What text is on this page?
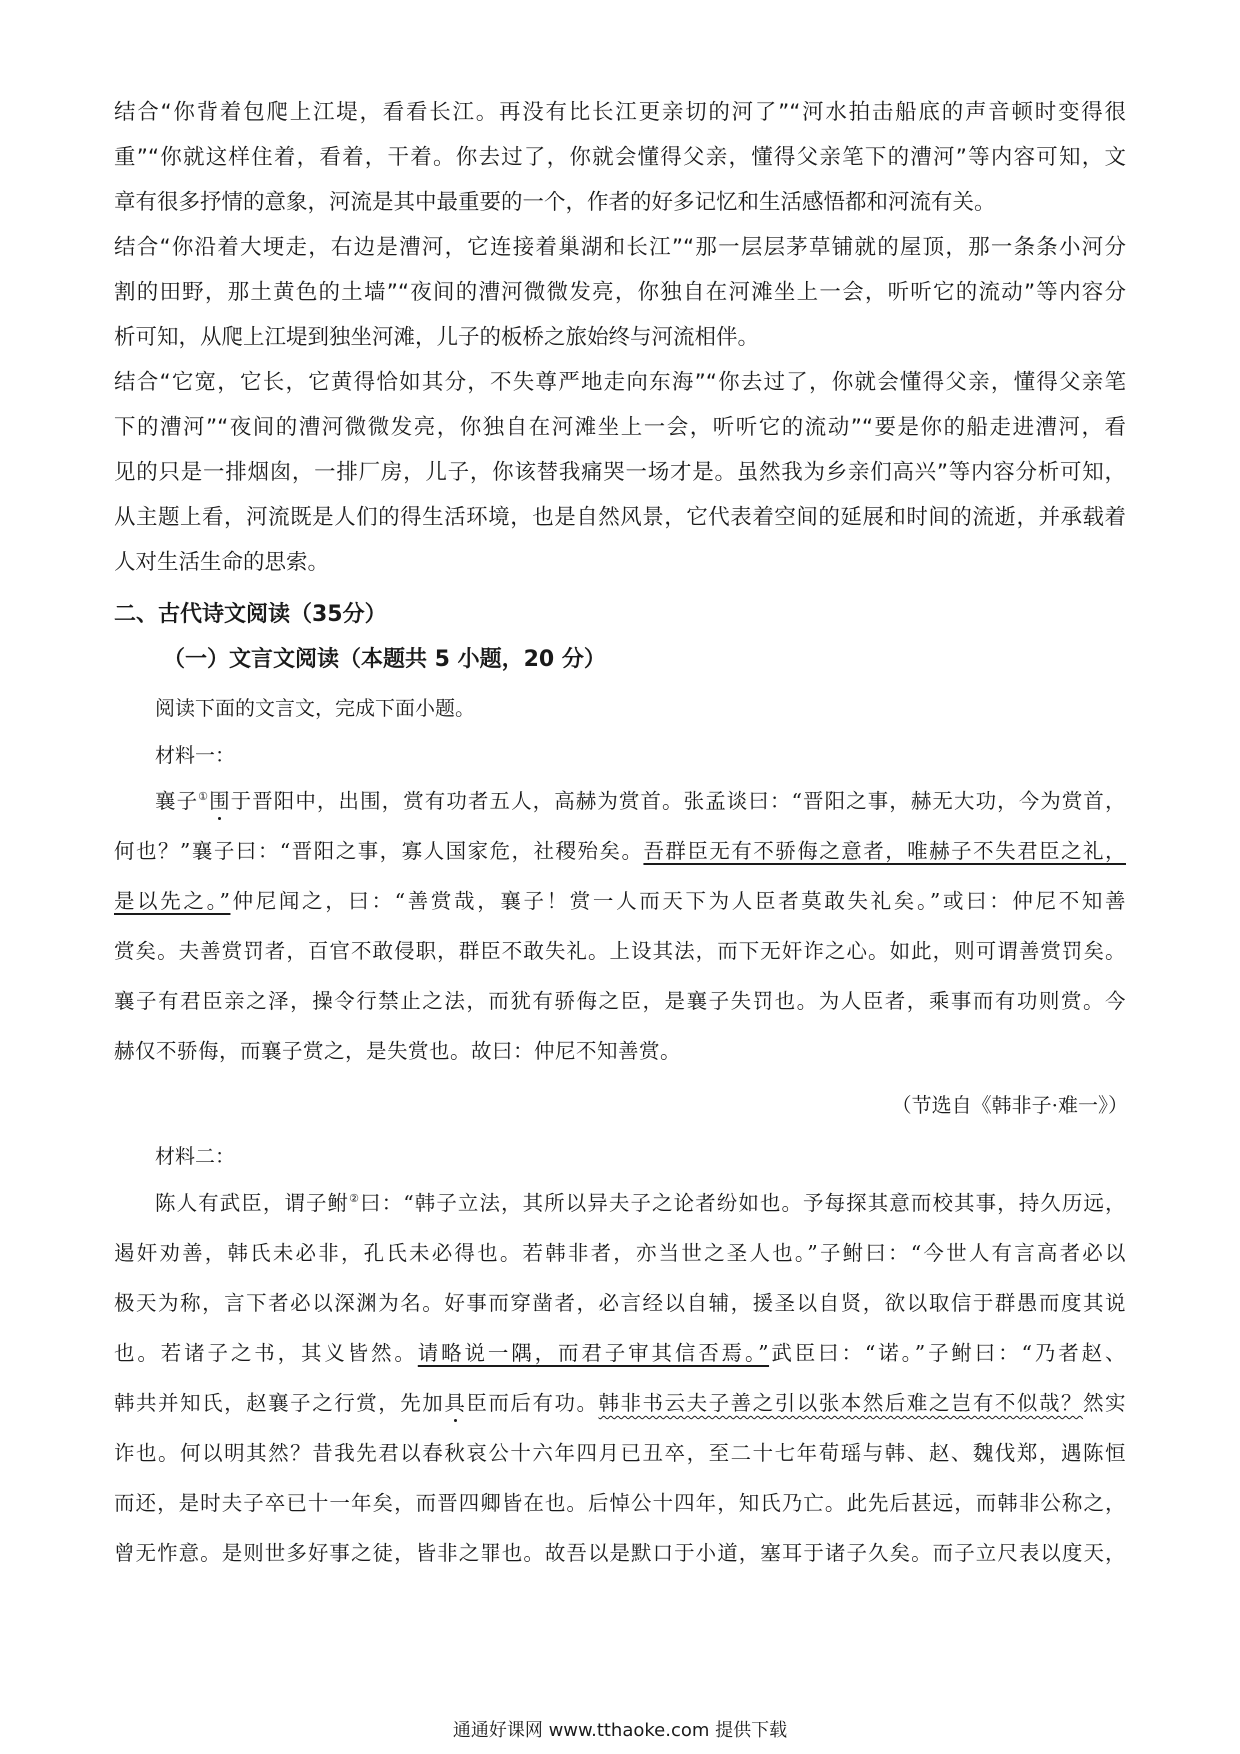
结合“你背着包爬上江堤，看看长江。再没有比长江更亲切的河了”“河水拍击船底的声音顿时变得很
重”“你就这样住着，看着，干着。你去过了，你就会懂得父亲，懂得父亲笔下的漕河”等内容可知，文
章有很多抒情的意象，河流是其中最重要的一个，作者的好多记忆和生活感悟都和河流有关。
结合“你沿着大埂走，右边是漕河，它连接着巢湖和长江”“那一层层茅草铺就的屋顶，那一条条小河分
割的田野，那土黄色的土墙”“夜间的漕河微微发亮，你独自在河滩坐上一会，听听它的流动”等内容分
析可知，从爬上江堤到独坐河滩，儿子的板桥之旅始终与河流相伴。
结合“它宽，它长，它黄得恰如其分，不失尊严地走向东海”“你去过了，你就会懂得父亲，懂得父亲笔
下的漕河”“夜间的漕河微微发亮，你独自在河滩坐上一会，听听它的流动”“要是你的船走进漕河，看
见的只是一排烟囱，一排厂房，儿子，你该替我痛哭一场才是。虽然我为乡亲们高兴”等内容分析可知，
从主题上看，河流既是人们的得生活环境，也是自然风景，它代表着空间的延展和时间的流逝，并承载着
人对生活生命的思索。
二、古代诗文阅读（35分）
（一）文言文阅读（本题共 5 小题，20 分）
阅读下面的文言文，完成下面小题。
材料一：
襄子①围于晋阳中，出围，赏有功者五人，高赫为赏首。张孟谈曰：“晋阳之事，赫无大功，今为赏首，
何也？”襄子曰：“晋阳之事，寡人国家危，社稷殆矣。吾群臣无有不骄侮之意者，唯赫子不失君臣之礼，
是以先之。”仲尼闻之，曰：“善赏哉，襄子！赏一人而天下为人臣者莫敢失礼矣。”或曰：仲尼不知善
赏矣。夫善赏罚者，百官不敢侵职，群臣不敢失礼。上设其法，而下无奸诈之心。如此，则可谓善赏罚矣。
襄子有君臣亲之泽，操令行禁止之法，而犹有骄侮之臣，是襄子失罚也。为人臣者，乘事而有功则赏。今
赫仅不骄侮，而襄子赏之，是失赏也。故曰：仲尼不知善赏。
（节选自《韩非子·难一》）
材料二：
陈人有武臣，谓子鲋②曰：“韩子立法，其所以异夫子之论者纷如也。予每探其意而校其事，持久历远，
遏奸劝善，韩氏未必非，孔氏未必得也。若韩非者，亦当世之圣人也。”子鲋曰：“今世人有言高者必以
极天为称，言下者必以深渊为名。好事而穿凿者，必言经以自辅，援圣以自贤，欲以取信于群愚而度其说
也。若诸子之书，其义皆然。请略说一隅，而君子审其信否焉。”武臣曰：“诺。”子鲋曰：“乃者赵、
韩共并知氏，赵襄子之行赏，先加具臣而后有功。韩非书云夫子善之引以张本然后难之岂有不似哉？然实
诈也。何以明其然？昔我先君以春秋哀公十六年四月已丑卒，至二十七年荀瑶与韩、赵、魏伐郑，遇陈恒
而还，是时夫子卒已十一年矣，而晋四卿皆在也。后悼公十四年，知氏乃亡。此先后甚远，而韩非公称之，
曾无怍意。是则世多好事之徒，皆非之罪也。故吾以是默口于小道，塞耳于诸子久矣。而子立尺表以度天，
通通好课网 www.tthaoke.com 提供下载
